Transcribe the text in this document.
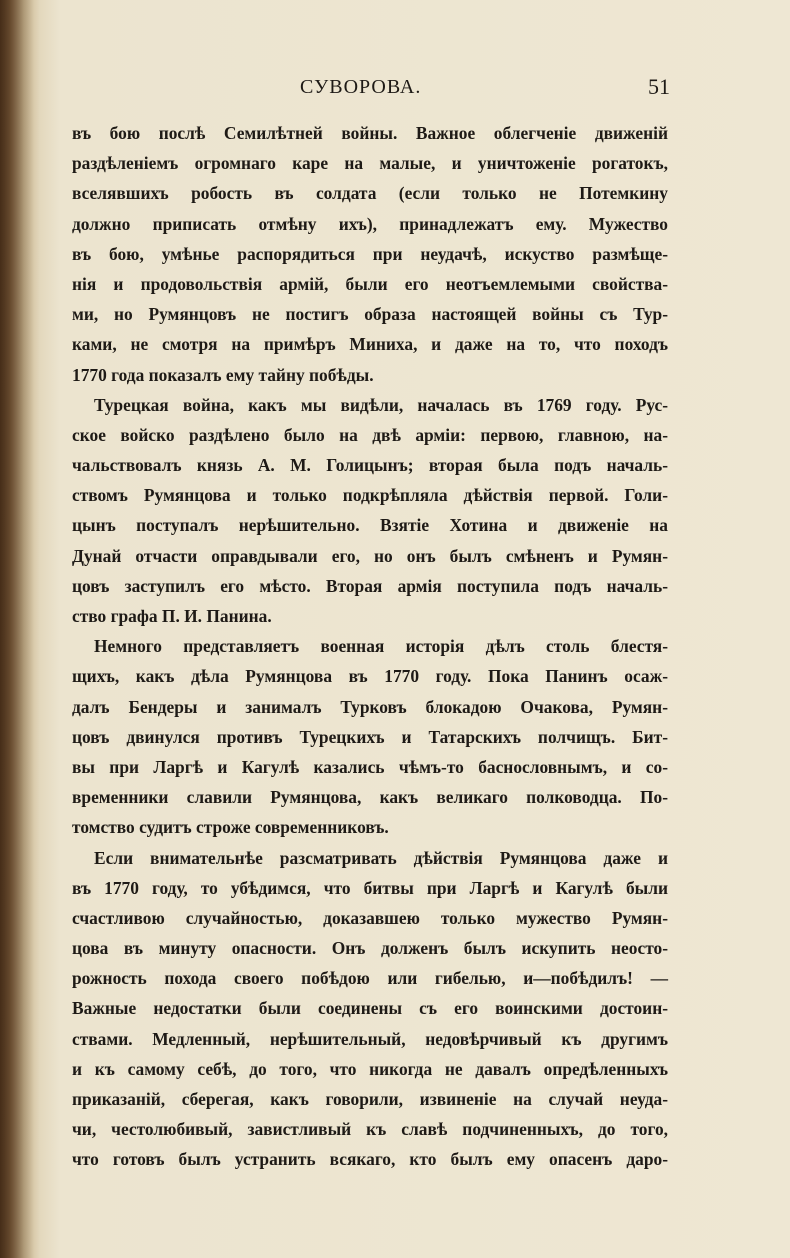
СУВОРОВА.	51
въ бою послѣ Семилѣтней войны. Важное облегченіе движеній
раздѣленіемъ огромнаго каре на малые, и уничтоженіе рогатокъ,
вселявшихъ робость въ солдата (если только не Потемкину
должно приписать отмѣну ихъ), принадлежатъ ему. Мужество
въ бою, умѣнье распорядиться при неудачѣ, искуство размѣще-
нія и продовольствія армій, были его неотъемлемыми свойства-
ми, но Румянцовъ не постигъ образа настоящей войны съ Тур-
ками, не смотря на примѣръ Миниха, и даже на то, что походъ
1770 года показалъ ему тайну побѣды.
Турецкая война, какъ мы видѣли, началась въ 1769 году. Рус-
ское войско раздѣлено было на двѣ арміи: первою, главною, на-
чальствовалъ князь А. М. Голицынъ; вторая была подъ началь-
ствомъ Румянцова и только подкрѣпляла дѣйствія первой. Голи-
цынъ поступалъ нерѣшительно. Взятіе Хотина и движеніе на
Дунай отчасти оправдывали его, но онъ былъ смѣненъ и Румян-
цовъ заступилъ его мѣсто. Вторая армія поступила подъ началь-
ство графа П. И. Панина.
Немного представляетъ военная исторія дѣлъ столь блестя-
щихъ, какъ дѣла Румянцова въ 1770 году. Пока Панинъ осаж-
далъ Бендеры и занималъ Турковъ блокадою Очакова, Румян-
цовъ двинулся противъ Турецкихъ и Татарскихъ полчищъ. Бит-
вы при Ларгѣ и Кагулѣ казались чѣмъ-то баснословнымъ, и со-
временники славили Румянцова, какъ великаго полководца. По-
томство судитъ строже современниковъ.
Если внимательнѣе разсматривать дѣйствія Румянцова даже и
въ 1770 году, то убѣдимся, что битвы при Ларгѣ и Кагулѣ были
счастливою случайностью, доказавшею только мужество Румян-
цова въ минуту опасности. Онъ долженъ былъ искупить неосто-
рожность похода своего побѣдою или гибелью, и—побѣдилъ! —
Важные недостатки были соединены съ его воинскими достоин-
ствами. Медленный, нерѣшительный, недовѣрчивый къ другимъ
и къ самому себѣ, до того, что никогда не давалъ опредѣленныхъ
приказаній, сберегая, какъ говорили, извиненіе на случай неуда-
чи, честолюбивый, завистливый къ славѣ подчиненныхъ, до того,
что готовъ былъ устранить всякаго, кто былъ ему опасенъ даро-
